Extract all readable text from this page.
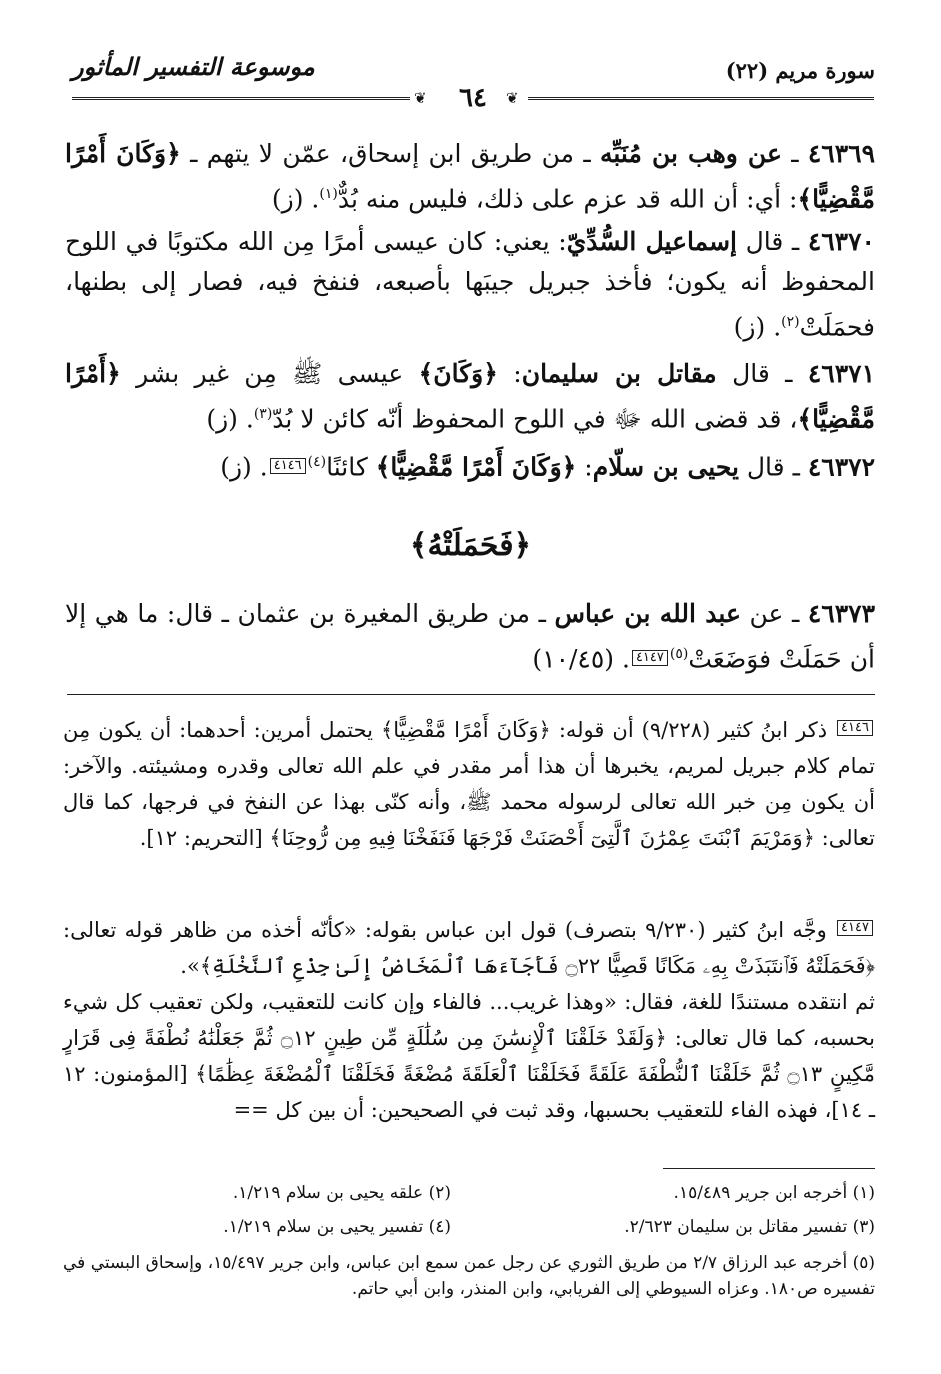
سورة مريم (٢٢)
موسوعة التفسير المأثور
❦	٦٤	❦
٤٦٣٦٩ ـ عن وهب بن مُنَبِّه ـ من طريق ابن إسحاق، عمّن لا يتهم ـ ﴿وَكَانَ أَمْرًا مَّقْضِيًّا﴾: أي: أن الله قد عزم على ذلك، فليس منه بُدٌّ$^{(١)}$. (ز)
٤٦٣٧٠ ـ قال إسماعيل السُّدِّيّ: يعني: كان عيسى أمرًا مِن الله مكتوبًا في اللوح المحفوظ أنه يكون؛ فأخذ جبريل جيبَها بأصبعه، فنفخ فيه، فصار إلى بطنها، فحمَلَتْ$^{(٢)}$. (ز)
٤٦٣٧١ ـ قال مقاتل بن سليمان: ﴿وَكَانَ﴾ عيسى ﷺ مِن غير بشر ﴿أَمْرًا مَّقْضِيًّا﴾، قد قضى الله ﷻ في اللوح المحفوظ أنّه كائن لا بُدّ$^{(٣)}$. (ز)
٤٦٣٧٢ ـ قال يحيى بن سلّام: ﴿وَكَانَ أَمْرًا مَّقْضِيًّا﴾ كائنًا$^{(٤)}$٤١٤٦. (ز)
﴿فَحَمَلَتْهُ﴾
٤٦٣٧٣ ـ عن عبد الله بن عباس ـ من طريق المغيرة بن عثمان ـ قال: ما هي إلا أن حَمَلَتْ فوَضَعَتْ$^{(٥)}$٤١٤٧. (١٠/٤٥)
٤١٤٦ ذكر ابنُ كثير (٩/٢٢٨) أن قوله: ﴿وَكَانَ أَمْرًا مَّقْضِيًّا﴾ يحتمل أمرين: أحدهما: أن يكون مِن تمام كلام جبريل لمريم، يخبرها أن هذا أمر مقدر في علم الله تعالى وقدره ومشيئته. والآخر: أن يكون مِن خبر الله تعالى لرسوله محمد ﷺ، وأنه كنّى بهذا عن النفخ في فرجها، كما قال تعالى: ﴿وَمَرْيَمَ ٱبْنَتَ عِمْرَٰنَ ٱلَّتِىٓ أَحْصَنَتْ فَرْجَهَا فَنَفَخْنَا فِيهِ مِن رُّوحِنَا﴾ [التحريم: ١٢].
٤١٤٧ وجَّه ابنُ كثير (٩/٢٣٠ بتصرف) قول ابن عباس بقوله: «كأنّه أخذه من ظاهر قوله تعالى: ﴿فَحَمَلَتْهُ فَٱنتَبَذَتْ بِهِۦ مَكَانًا قَصِيًّا ۝٢٢ فَأَجَآءَهَا ٱلْمَخَاضُ إِلَىٰ جِذْعِ ٱلنَّخْلَةِ﴾».
ثم انتقده مستندًا للغة، فقال: «وهذا غريب... فالفاء وإن كانت للتعقيب، ولكن تعقيب كل شيء بحسبه، كما قال تعالى: ﴿وَلَقَدْ خَلَقْنَا ٱلْإِنسَٰنَ مِن سُلَٰلَةٍ مِّن طِينٍ ۝١٢ ثُمَّ جَعَلْنَٰهُ نُطْفَةً فِى قَرَارٍ مَّكِينٍ ۝١٣ ثُمَّ خَلَقْنَا ٱلنُّطْفَةَ عَلَقَةً فَخَلَقْنَا ٱلْعَلَقَةَ مُضْغَةً فَخَلَقْنَا ٱلْمُضْغَةَ عِظَٰمًا﴾ [المؤمنون: ١٢ ـ ١٤]، فهذه الفاء للتعقيب بحسبها، وقد ثبت في الصحيحين: أن بين كل ==
(١) أخرجه ابن جرير ١٥/٤٨٩.
(٢) علقه يحيى بن سلام ١/٢١٩.
(٣) تفسير مقاتل بن سليمان ٢/٦٢٣.
(٤) تفسير يحيى بن سلام ١/٢١٩.
(٥) أخرجه عبد الرزاق ٢/٧ من طريق الثوري عن رجل عمن سمع ابن عباس، وابن جرير ١٥/٤٩٧، وإسحاق البستي في تفسيره ص١٨٠. وعزاه السيوطي إلى الفريابي، وابن المنذر، وابن أبي حاتم.
